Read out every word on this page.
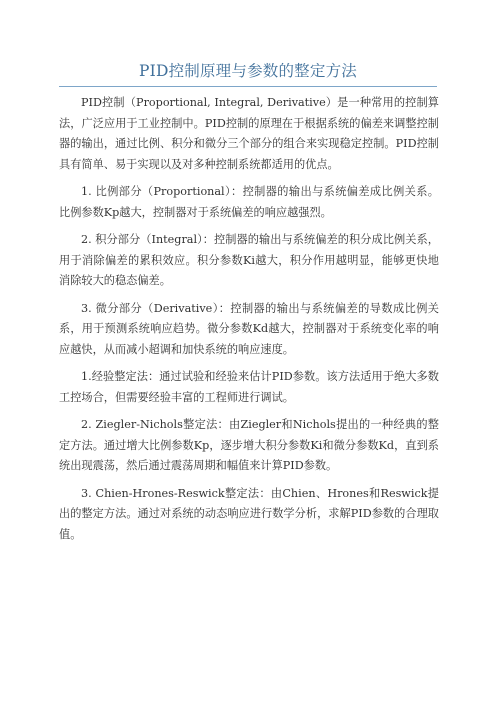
PID控制原理与参数的整定方法

PID控制（Proportional, Integral, Derivative）是一种常用的控制算法，广泛应用于工业控制中。PID控制的原理在于根据系统的偏差来调整控制器的输出，通过比例、积分和微分三个部分的组合来实现稳定控制。PID控制具有简单、易于实现以及对多种控制系统都适用的优点。

1. 比例部分（Proportional）：控制器的输出与系统偏差成比例关系。比例参数Kp越大，控制器对于系统偏差的响应越强烈。

2. 积分部分（Integral）：控制器的输出与系统偏差的积分成比例关系，用于消除偏差的累积效应。积分参数Ki越大，积分作用越明显，能够更快地消除较大的稳态偏差。

3. 微分部分（Derivative）：控制器的输出与系统偏差的导数成比例关系，用于预测系统响应趋势。微分参数Kd越大，控制器对于系统变化率的响应越快，从而减小超调和加快系统的响应速度。

1.经验整定法：通过试验和经验来估计PID参数。该方法适用于绝大多数工控场合，但需要经验丰富的工程师进行调试。

2. Ziegler-Nichols整定法：由Ziegler和Nichols提出的一种经典的整定方法。通过增大比例参数Kp，逐步增大积分参数Ki和微分参数Kd，直到系统出现震荡，然后通过震荡周期和幅值来计算PID参数。

3. Chien-Hrones-Reswick整定法：由Chien、Hrones和Reswick提出的整定方法。通过对系统的动态响应进行数学分析，求解PID参数的合理取值。
